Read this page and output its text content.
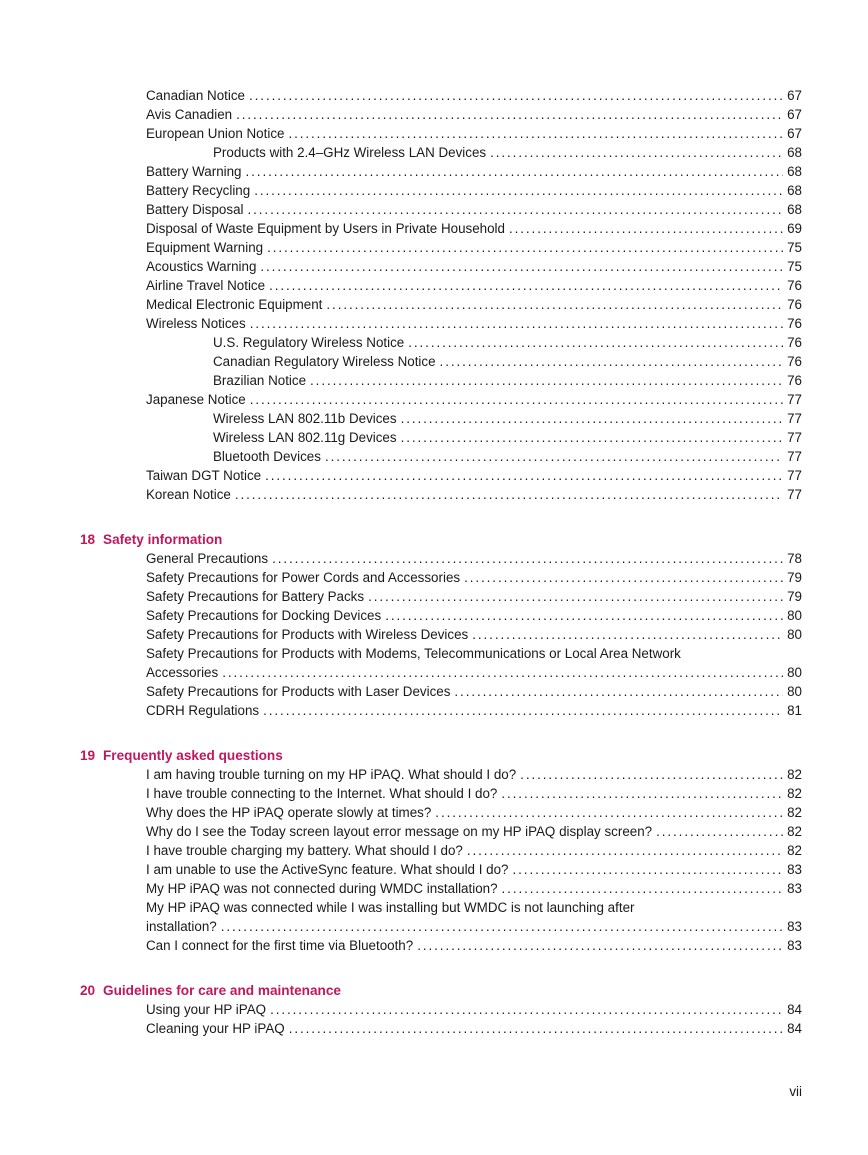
Canadian Notice . . .	67
Avis Canadien . . .	67
European Union Notice . . .	67
Products with 2.4–GHz Wireless LAN Devices . . .	68
Battery Warning . . .	68
Battery Recycling . . .	68
Battery Disposal . . .	68
Disposal of Waste Equipment by Users in Private Household . . .	69
Equipment Warning . . .	75
Acoustics Warning . . .	75
Airline Travel Notice . . .	76
Medical Electronic Equipment . . .	76
Wireless Notices . . .	76
U.S. Regulatory Wireless Notice . . .	76
Canadian Regulatory Wireless Notice . . .	76
Brazilian Notice . . .	76
Japanese Notice . . .	77
Wireless LAN 802.11b Devices . . .	77
Wireless LAN 802.11g Devices . . .	77
Bluetooth Devices . . .	77
Taiwan DGT Notice . . .	77
Korean Notice . . .	77
18 Safety information
General Precautions . . .	78
Safety Precautions for Power Cords and Accessories . . .	79
Safety Precautions for Battery Packs . . .	79
Safety Precautions for Docking Devices . . .	80
Safety Precautions for Products with Wireless Devices . . .	80
Safety Precautions for Products with Modems, Telecommunications or Local Area Network
Accessories . . .	80
Safety Precautions for Products with Laser Devices . . .	80
CDRH Regulations . . .	81
19 Frequently asked questions
I am having trouble turning on my HP iPAQ. What should I do? . . .	82
I have trouble connecting to the Internet. What should I do? . . .	82
Why does the HP iPAQ operate slowly at times? . . .	82
Why do I see the Today screen layout error message on my HP iPAQ display screen? . . .	82
I have trouble charging my battery. What should I do? . . .	82
I am unable to use the ActiveSync feature. What should I do? . . .	83
My HP iPAQ was not connected during WMDC installation? . . .	83
My HP iPAQ was connected while I was installing but WMDC is not launching after
installation? . . .	83
Can I connect for the first time via Bluetooth? . . .	83
20 Guidelines for care and maintenance
Using your HP iPAQ . . .	84
Cleaning your HP iPAQ . . .	84
vii
